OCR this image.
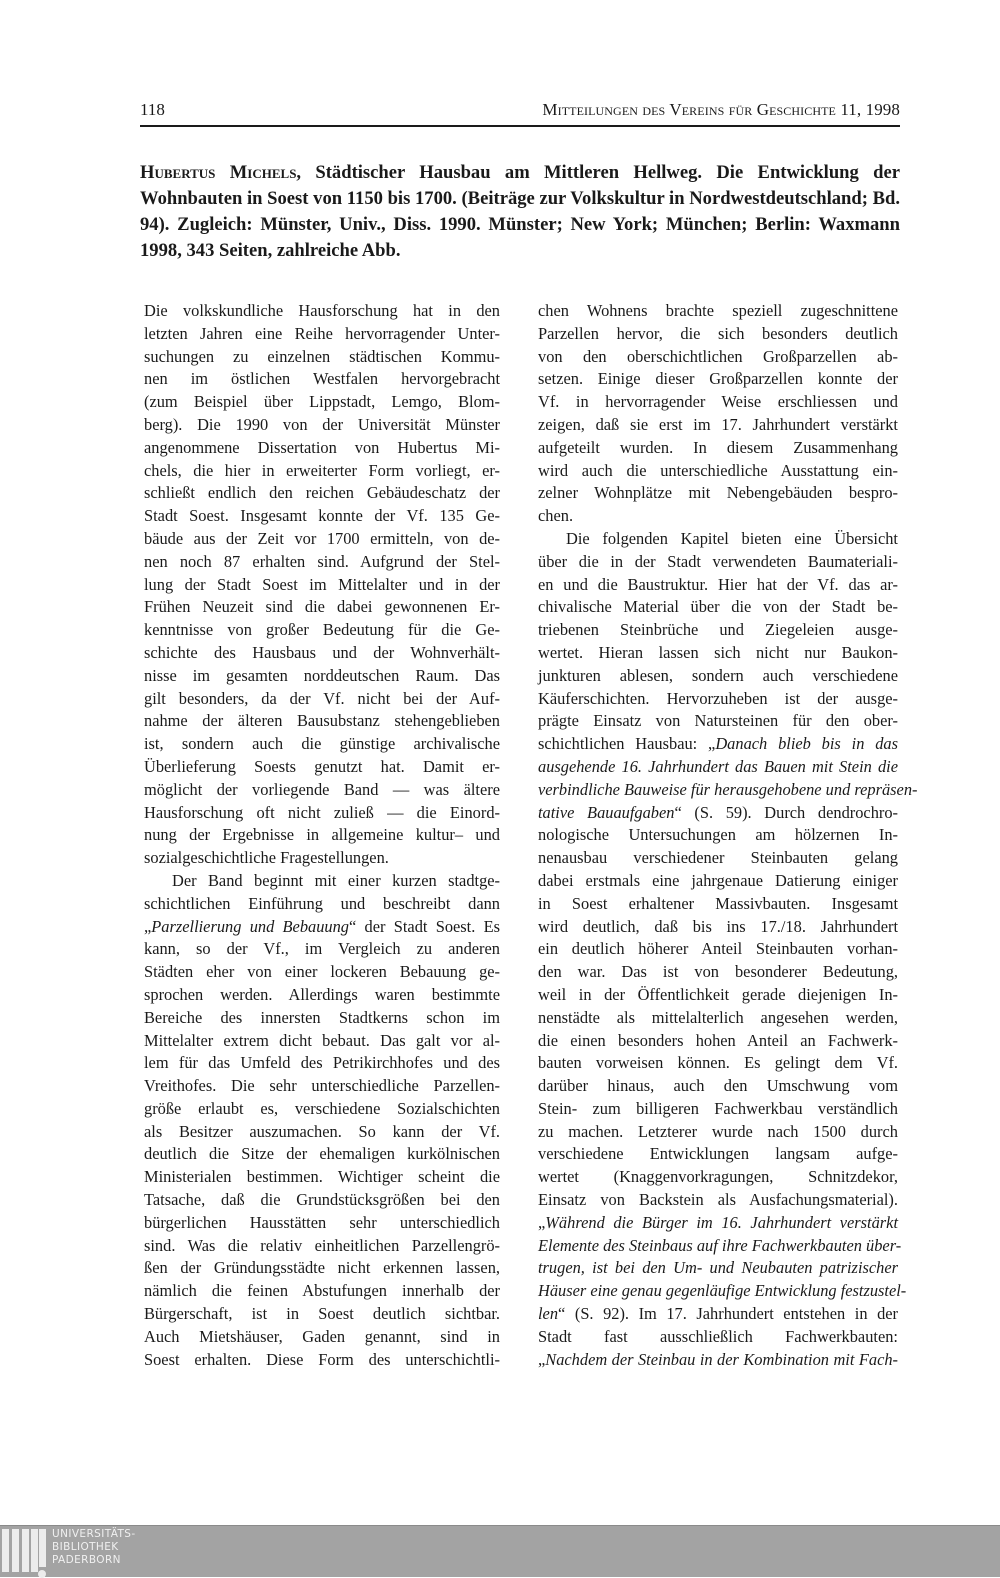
118	Mitteilungen des Vereins für Geschichte 11, 1998
Hubertus Michels, Städtischer Hausbau am Mittleren Hellweg. Die Entwicklung der Wohnbauten in Soest von 1150 bis 1700. (Beiträge zur Volkskultur in Nordwestdeutschland; Bd. 94). Zugleich: Münster, Univ., Diss. 1990. Münster; New York; München; Berlin: Waxmann 1998, 343 Seiten, zahlreiche Abb.
Die volkskundliche Hausforschung hat in den
letzten Jahren eine Reihe hervorragender Unter-
suchungen zu einzelnen städtischen Kommu-
nen im östlichen Westfalen hervorgebracht
(zum Beispiel über Lippstadt, Lemgo, Blom-
berg). Die 1990 von der Universität Münster
angenommene Dissertation von Hubertus Mi-
chels, die hier in erweiterter Form vorliegt, er-
schließt endlich den reichen Gebäudeschatz der
Stadt Soest. Insgesamt konnte der Vf. 135 Ge-
bäude aus der Zeit vor 1700 ermitteln, von de-
nen noch 87 erhalten sind. Aufgrund der Stel-
lung der Stadt Soest im Mittelalter und in der
Frühen Neuzeit sind die dabei gewonnenen Er-
kenntnisse von großer Bedeutung für die Ge-
schichte des Hausbaus und der Wohnverhält-
nisse im gesamten norddeutschen Raum. Das
gilt besonders, da der Vf. nicht bei der Auf-
nahme der älteren Bausubstanz stehengeblieben
ist, sondern auch die günstige archivalische
Überlieferung Soests genutzt hat. Damit er-
möglicht der vorliegende Band — was ältere
Hausforschung oft nicht zuließ — die Einord-
nung der Ergebnisse in allgemeine kultur– und
sozialgeschichtliche Fragestellungen.
Der Band beginnt mit einer kurzen stadtge-
schichtlichen Einführung und beschreibt dann
„Parzellierung und Bebauung“ der Stadt Soest. Es
kann, so der Vf., im Vergleich zu anderen
Städten eher von einer lockeren Bebauung ge-
sprochen werden. Allerdings waren bestimmte
Bereiche des innersten Stadtkerns schon im
Mittelalter extrem dicht bebaut. Das galt vor al-
lem für das Umfeld des Petrikirchhofes und des
Vreithofes. Die sehr unterschiedliche Parzellen-
größe erlaubt es, verschiedene Sozialschichten
als Besitzer auszumachen. So kann der Vf.
deutlich die Sitze der ehemaligen kurkölnischen
Ministerialen bestimmen. Wichtiger scheint die
Tatsache, daß die Grundstücksgrößen bei den
bürgerlichen Hausstätten sehr unterschiedlich
sind. Was die relativ einheitlichen Parzellengrö-
ßen der Gründungsstädte nicht erkennen lassen,
nämlich die feinen Abstufungen innerhalb der
Bürgerschaft, ist in Soest deutlich sichtbar.
Auch Mietshäuser, Gaden genannt, sind in
Soest erhalten. Diese Form des unterschichtli-
chen Wohnens brachte speziell zugeschnittene
Parzellen hervor, die sich besonders deutlich
von den oberschichtlichen Großparzellen ab-
setzen. Einige dieser Großparzellen konnte der
Vf. in hervorragender Weise erschliessen und
zeigen, daß sie erst im 17. Jahrhundert verstärkt
aufgeteilt wurden. In diesem Zusammenhang
wird auch die unterschiedliche Ausstattung ein-
zelner Wohnplätze mit Nebengebäuden bespro-
chen.
Die folgenden Kapitel bieten eine Übersicht
über die in der Stadt verwendeten Baumateriali-
en und die Baustruktur. Hier hat der Vf. das ar-
chivalische Material über die von der Stadt be-
triebenen Steinbrüche und Ziegeleien ausge-
wertet. Hieran lassen sich nicht nur Baukon-
junkturen ablesen, sondern auch verschiedene
Käuferschichten. Hervorzuheben ist der ausge-
prägte Einsatz von Natursteinen für den ober-
schichtlichen Hausbau: „Danach blieb bis in das
ausgehende 16. Jahrhundert das Bauen mit Stein die
verbindliche Bauweise für herausgehobene und repräsen-
tative Bauaufgaben“ (S. 59). Durch dendrochro-
nologische Untersuchungen am hölzernen In-
nenausbau verschiedener Steinbauten gelang
dabei erstmals eine jahrgenaue Datierung einiger
in Soest erhaltener Massivbauten. Insgesamt
wird deutlich, daß bis ins 17./18. Jahrhundert
ein deutlich höherer Anteil Steinbauten vorhan-
den war. Das ist von besonderer Bedeutung,
weil in der Öffentlichkeit gerade diejenigen In-
nenstädte als mittelalterlich angesehen werden,
die einen besonders hohen Anteil an Fachwerk-
bauten vorweisen können. Es gelingt dem Vf.
darüber hinaus, auch den Umschwung vom
Stein- zum billigeren Fachwerkbau verständlich
zu machen. Letzterer wurde nach 1500 durch
verschiedene Entwicklungen langsam aufge-
wertet (Knaggenvorkragungen, Schnitzdekor,
Einsatz von Backstein als Ausfachungsmaterial).
„Während die Bürger im 16. Jahrhundert verstärkt
Elemente des Steinbaus auf ihre Fachwerkbauten über-
trugen, ist bei den Um- und Neubauten patrizischer
Häuser eine genau gegenläufige Entwicklung festzustel-
len“ (S. 92). Im 17. Jahrhundert entstehen in der
Stadt fast ausschließlich Fachwerkbauten:
„Nachdem der Steinbau in der Kombination mit Fach-
UNIVERSITÄTS-
BIBLIOTHEK
PADERBORN
